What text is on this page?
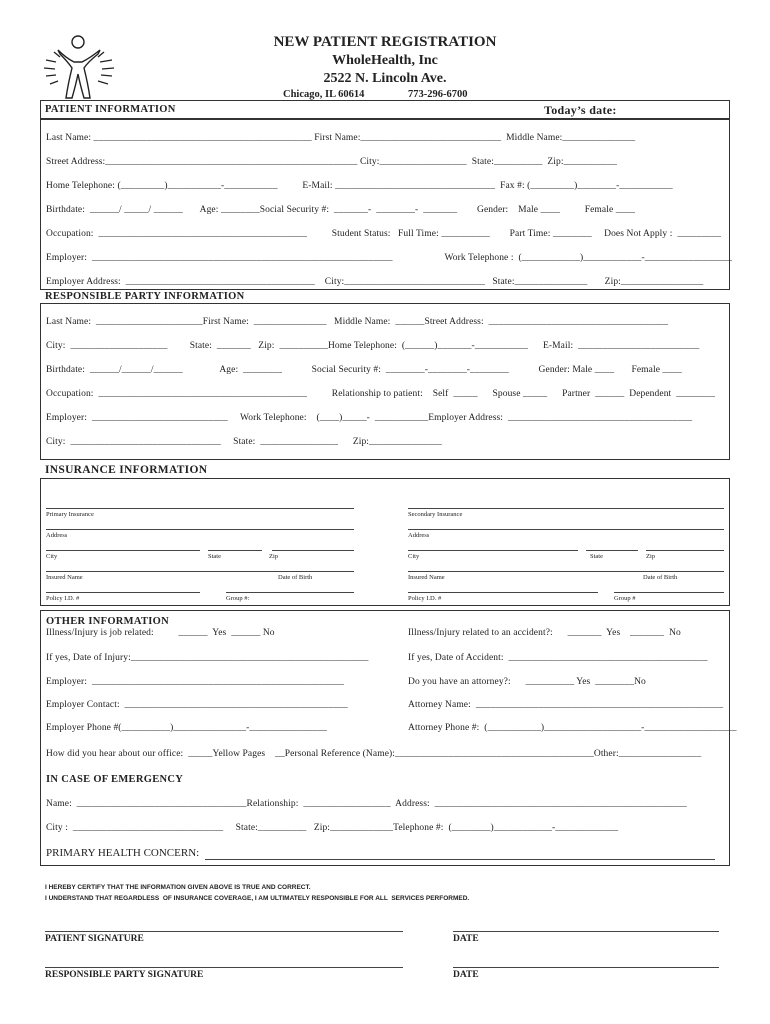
NEW PATIENT REGISTRATION
WholeHealth, Inc
2522 N. Lincoln Ave.
Chicago, IL 60614	773-296-6700
PATIENT INFORMATION	Today’s date:
Last Name: _____________________________________________ First Name:_____________________________  Middle Name:_______________
Street Address:____________________________________________________ City:__________________  State:__________  Zip:___________
Home Telephone: (_________)___________-___________          E-Mail: _________________________________  Fax #: (_________)________-___________
Birthdate:  ______/ _____/ ______       Age: ________Social Security #:  _______-  ________-  _______        Gender:    Male ____          Female ____
Occupation:  ___________________________________________          Student Status:   Full Time: __________        Part Time: ________     Does Not Apply :  _________
Employer:  ______________________________________________________________                     Work Telephone :  (____________)____________-__________________
Employer Address:  _______________________________________    City:_____________________________   State:_______________       Zip:_________________
RESPONSIBLE PARTY INFORMATION
Last Name:  ______________________First Name:  _______________   Middle Name:  ______Street Address:  _____________________________________
City:  ____________________         State:  _______   Zip:  __________Home Telephone:  (______)_______-___________      E-Mail:  _________________________
Birthdate:  ______/______/______               Age:  ________            Social Security #:  ________-________-________            Gender: Male ____       Female ____
Occupation:  ___________________________________________          Relationship to patient:    Self  _____      Spouse _____      Partner  ______  Dependent  ________
Employer:  ____________________________     Work Telephone:    (____)_____-  ___________Employer Address:  ______________________________________
City:  _______________________________     State:  ________________      Zip:_______________
INSURANCE INFORMATION
Primary Insurance
Address
City	State	Zip
Insured Name	Date of Birth
Policy I.D. #	Group #:
Secondary Insurance
Address
City	State	Zip
Insured Name	Date of Birth
Policy I.D. #	Group #
OTHER INFORMATION
Illness/Injury is job related:          ______  Yes  ______ No
If yes, Date of Injury:_________________________________________________
Employer:  ____________________________________________________
Employer Contact:  ______________________________________________
Employer Phone #(__________)_______________-________________
Illness/Injury related to an accident?:      _______  Yes    _______  No
If yes, Date of Accident:  _________________________________________
Do you have an attorney?:      __________ Yes  ________No
Attorney Name:  ___________________________________________________
Attorney Phone #:  (___________)____________________-___________________
How did you hear about our office:  _____Yellow Pages    __Personal Reference (Name):_________________________________________Other:_________________
IN CASE OF EMERGENCY
Name:  ___________________________________Relationship:  __________________  Address:  ____________________________________________________
City :  _______________________________     State:__________   Zip:_____________Telephone #:  (________)____________-_____________
PRIMARY HEALTH CONCERN:
I HEREBY CERTIFY THAT THE INFORMATION GIVEN ABOVE IS TRUE AND CORRECT.
I UNDERSTAND THAT REGARDLESS  OF INSURANCE COVERAGE, I AM ULTIMATELY RESPONSIBLE FOR ALL  SERVICES PERFORMED.
PATIENT SIGNATURE	DATE
RESPONSIBLE PARTY SIGNATURE	DATE
